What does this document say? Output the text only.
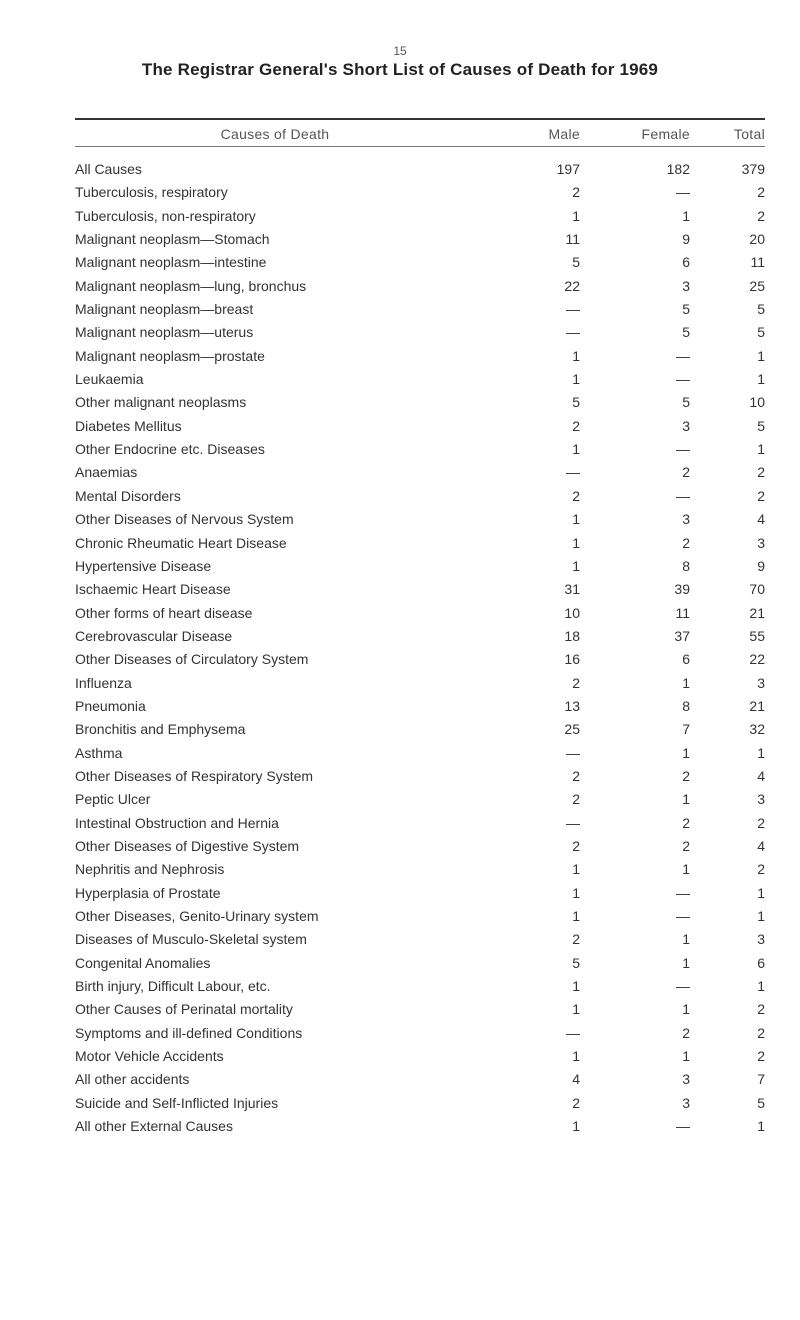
15
The Registrar General's Short List of Causes of Death for 1969
Causes of Death	Male	Female	Total
All Causes	197	182	379
Tuberculosis, respiratory	2	—	2
Tuberculosis, non-respiratory	1	1	2
Malignant neoplasm—Stomach	11	9	20
Malignant neoplasm—intestine	5	6	11
Malignant neoplasm—lung, bronchus	22	3	25
Malignant neoplasm—breast	—	5	5
Malignant neoplasm—uterus	—	5	5
Malignant neoplasm—prostate	1	—	1
Leukaemia	1	—	1
Other malignant neoplasms	5	5	10
Diabetes Mellitus	2	3	5
Other Endocrine etc. Diseases	1	—	1
Anaemias	—	2	2
Mental Disorders	2	—	2
Other Diseases of Nervous System	1	3	4
Chronic Rheumatic Heart Disease	1	2	3
Hypertensive Disease	1	8	9
Ischaemic Heart Disease	31	39	70
Other forms of heart disease	10	11	21
Cerebrovascular Disease	18	37	55
Other Diseases of Circulatory System	16	6	22
Influenza	2	1	3
Pneumonia	13	8	21
Bronchitis and Emphysema	25	7	32
Asthma	—	1	1
Other Diseases of Respiratory System	2	2	4
Peptic Ulcer	2	1	3
Intestinal Obstruction and Hernia	—	2	2
Other Diseases of Digestive System	2	2	4
Nephritis and Nephrosis	1	1	2
Hyperplasia of Prostate	1	—	1
Other Diseases, Genito-Urinary system	1	—	1
Diseases of Musculo-Skeletal system	2	1	3
Congenital Anomalies	5	1	6
Birth injury, Difficult Labour, etc.	1	—	1
Other Causes of Perinatal mortality	1	1	2
Symptoms and ill-defined Conditions	—	2	2
Motor Vehicle Accidents	1	1	2
All other accidents	4	3	7
Suicide and Self-Inflicted Injuries	2	3	5
All other External Causes	1	—	1
